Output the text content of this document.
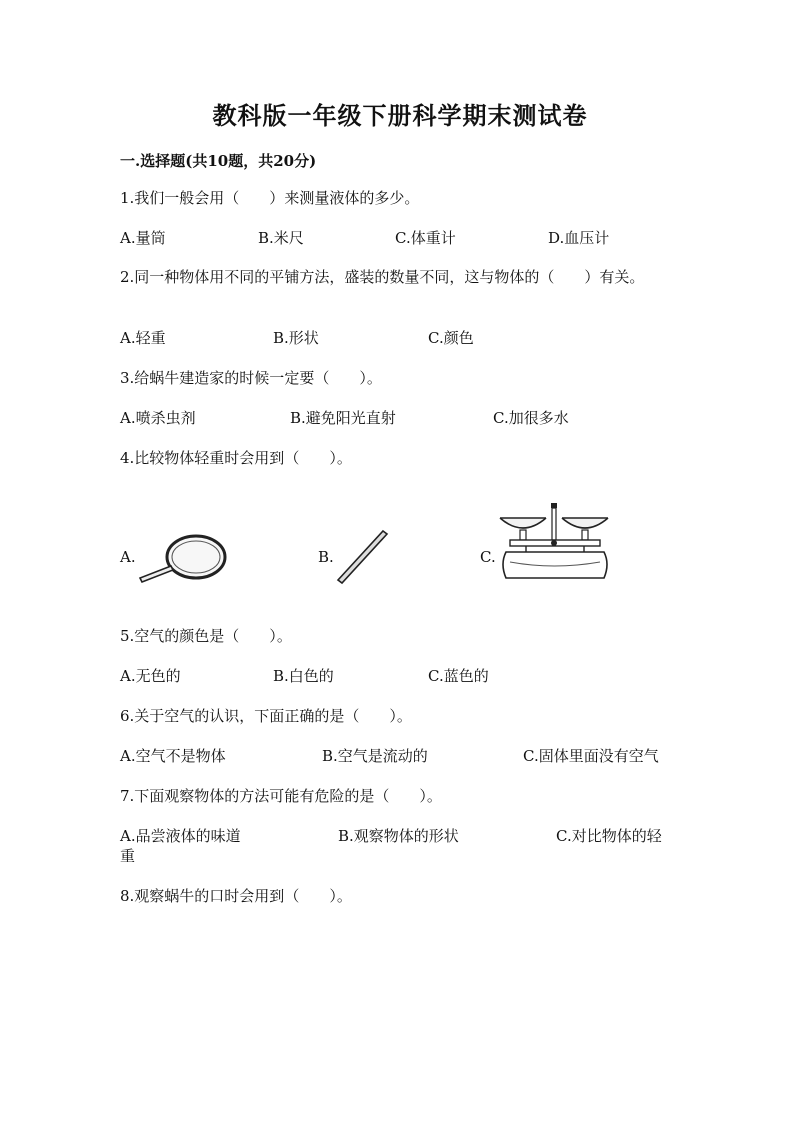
教科版一年级下册科学期末测试卷
一.选择题(共10题，共20分)
1.我们一般会用（　　）来测量液体的多少。
A.量筒	B.米尺	C.体重计	D.血压计
2.同一种物体用不同的平铺方法，盛装的数量不同，这与物体的（　　）有关。
A.轻重	B.形状	C.颜色
3.给蜗牛建造家的时候一定要（　　）。
A.喷杀虫剂	B.避免阳光直射	C.加很多水
4.比较物体轻重时会用到（　　）。
A.	B.	C.
5.空气的颜色是（　　）。
A.无色的	B.白色的	C.蓝色的
6.关于空气的认识，下面正确的是（　　）。
A.空气不是物体	B.空气是流动的	C.固体里面没有空气
7.下面观察物体的方法可能有危险的是（　　）。
A.品尝液体的味道	B.观察物体的形状	C.对比物体的轻重
8.观察蜗牛的口时会用到（　　）。
